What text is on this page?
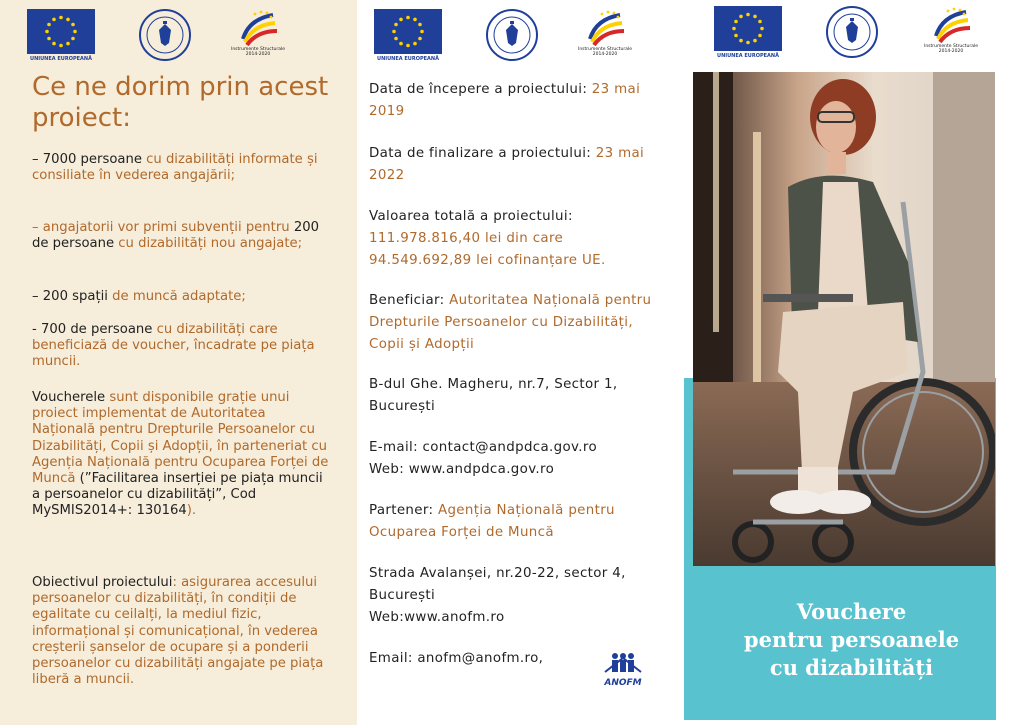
UNIUNEA EUROPEANĂ
Instrumente Structurale
2014-2020
Ce ne dorim prin acest proiect:

– 7000 persoane cu dizabilități informate și consiliate în vederea angajării;

– angajatorii vor primi subvenții pentru 200 de persoane cu dizabilități nou angajate;

– 200 spații de muncă adaptate;

- 700 de persoane cu dizabilități care beneficiază de voucher, încadrate pe piața muncii.

Voucherele sunt disponibile grație unui proiect implementat de Autoritatea Națională pentru Drepturile Persoanelor cu Dizabilități, Copii și Adopții, în parteneriat cu Agenția Națională pentru Ocuparea Forței de Muncă (”Facilitarea inserției pe piața muncii a persoanelor cu dizabilități”, Cod MySMIS2014+: 130164).

Obiectivul proiectului: asigurarea accesului persoanelor cu dizabilități, în condiții de egalitate cu ceilalți, la mediul fizic, informațional și comunicațional, în vederea creșterii șanselor de ocupare și a ponderii persoanelor cu dizabilități angajate pe piața liberă a muncii.

UNIUNEA EUROPEANĂ
Instrumente Structurale
2014-2020

Data de începere a proiectului: 23 mai 2019

Data de finalizare a proiectului: 23 mai 2022

Valoarea totală a proiectului: 111.978.816,40 lei din care 94.549.692,89 lei cofinanțare UE.

Beneficiar: Autoritatea Națională pentru Drepturile Persoanelor cu Dizabilități, Copii și Adopții

B-dul Ghe. Magheru, nr.7, Sector 1, București

E-mail: contact@andpdca.gov.ro

Web: www.andpdca.gov.ro

Partener: Agenția Națională pentru Ocuparea Forței de Muncă

Strada Avalanșei, nr.20-22, sector 4, București

Web:www.anofm.ro

Email: anofm@anofm.ro,

ANOFM
UNIUNEA EUROPEANĂ
Instrumente Structurale
2014-2020
Vouchere
pentru persoanele
cu dizabilități
